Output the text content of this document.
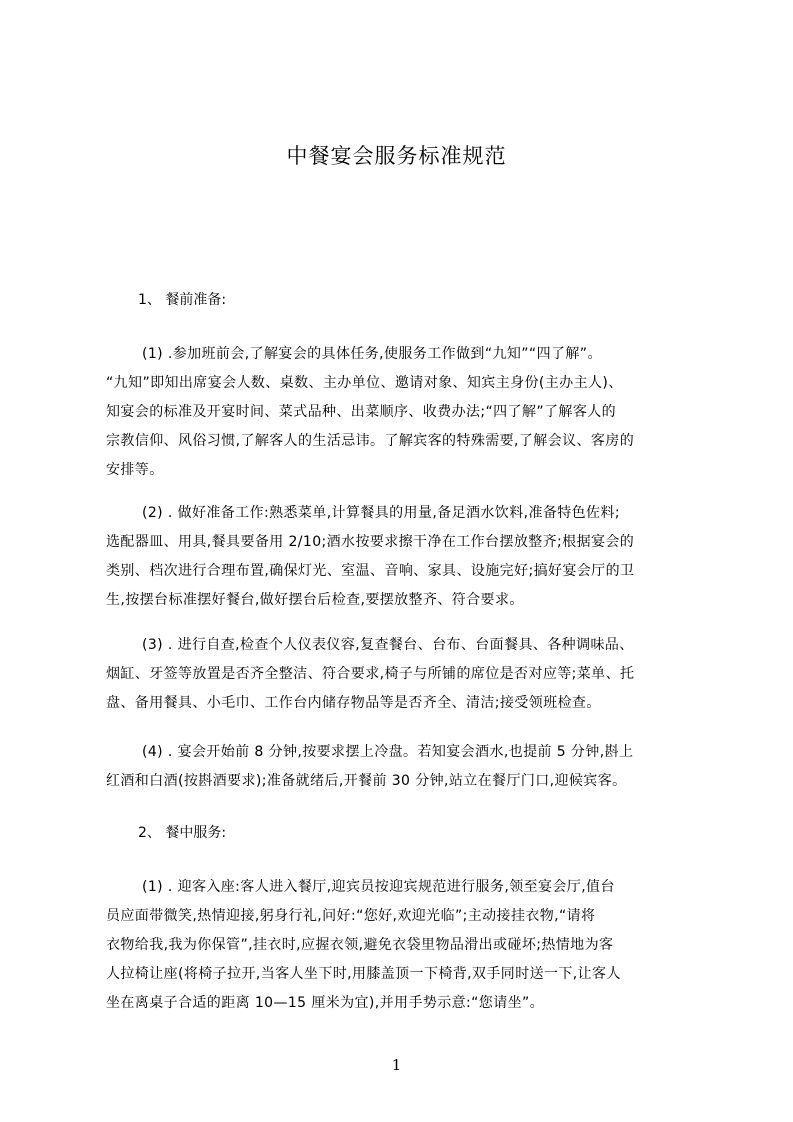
中餐宴会服务标准规范
1、 餐前准备:
(1) .参加班前会,了解宴会的具体任务,使服务工作做到“九知”“四了解”。
“九知”即知出席宴会人数、桌数、主办单位、邀请对象、知宾主身份(主办主人)、
知宴会的标准及开宴时间、菜式品种、出菜顺序、收费办法;“四了解”了解客人的
宗教信仰、风俗习惯,了解客人的生活忌讳。了解宾客的特殊需要,了解会议、客房的
安排等。
(2) . 做好准备工作:熟悉菜单,计算餐具的用量,备足酒水饮料,准备特色佐料;
选配器皿、用具,餐具要备用 2/10;酒水按要求擦干净在工作台摆放整齐;根据宴会的
类别、档次进行合理布置,确保灯光、室温、音响、家具、设施完好;搞好宴会厅的卫
生,按摆台标准摆好餐台,做好摆台后检查,要摆放整齐、符合要求。
(3) . 进行自查,检查个人仪表仪容,复查餐台、台布、台面餐具、各种调味品、
烟缸、牙签等放置是否齐全整洁、符合要求,椅子与所铺的席位是否对应等;菜单、托
盘、备用餐具、小毛巾、工作台内储存物品等是否齐全、清洁;接受领班检查。
(4) . 宴会开始前 8 分钟,按要求摆上冷盘。若知宴会酒水,也提前 5 分钟,斟上
红酒和白酒(按斟酒要求);准备就绪后,开餐前 30 分钟,站立在餐厅门口,迎候宾客。
2、 餐中服务:
(1) . 迎客入座:客人进入餐厅,迎宾员按迎宾规范进行服务,领至宴会厅,值台
员应面带微笑,热情迎接,躬身行礼,问好:“您好,欢迎光临”;主动接挂衣物,“请将
衣物给我,我为你保管”,挂衣时,应握衣领,避免衣袋里物品滑出或碰坏;热情地为客
人拉椅让座(将椅子拉开,当客人坐下时,用膝盖顶一下椅背,双手同时送一下,让客人
坐在离桌子合适的距离 10—15 厘米为宜),并用手势示意:“您请坐”。
1
